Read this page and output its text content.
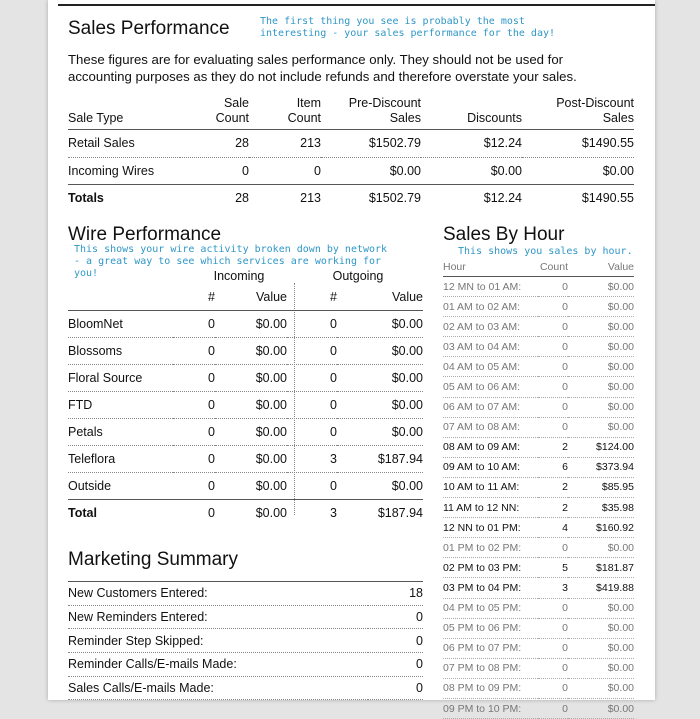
Sales Performance	The first thing you see is probably the most interesting - your sales performance for the day!
These figures are for evaluating sales performance only. They should not be used for accounting purposes as they do not include refunds and therefore overstate your sales.
Sale Type	Sale Count	Item Count	Pre-Discount Sales	Discounts	Post-Discount Sales
Retail Sales	28	213	$1502.79	$12.24	$1490.55
Incoming Wires	0	0	$0.00	$0.00	$0.00
Totals	28	213	$1502.79	$12.24	$1490.55
Wire Performance
This shows your wire activity broken down by network - a great way to see which services are working for you!	Incoming	Outgoing
	#	Value	#	Value
BloomNet	0	$0.00	0	$0.00
Blossoms	0	$0.00	0	$0.00
Floral Source	0	$0.00	0	$0.00
FTD	0	$0.00	0	$0.00
Petals	0	$0.00	0	$0.00
Teleflora	0	$0.00	3	$187.94
Outside	0	$0.00	0	$0.00
Total	0	$0.00	3	$187.94
Sales By Hour
This shows you sales by hour.
Hour	Count	Value
12 MN to 01 AM:	0	$0.00
01 AM to 02 AM:	0	$0.00
02 AM to 03 AM:	0	$0.00
03 AM to 04 AM:	0	$0.00
04 AM to 05 AM:	0	$0.00
05 AM to 06 AM:	0	$0.00
06 AM to 07 AM:	0	$0.00
07 AM to 08 AM:	0	$0.00
08 AM to 09 AM:	2	$124.00
09 AM to 10 AM:	6	$373.94
10 AM to 11 AM:	2	$85.95
11 AM to 12 NN:	2	$35.98
12 NN to 01 PM:	4	$160.92
01 PM to 02 PM:	0	$0.00
02 PM to 03 PM:	5	$181.87
03 PM to 04 PM:	3	$419.88
04 PM to 05 PM:	0	$0.00
05 PM to 06 PM:	0	$0.00
06 PM to 07 PM:	0	$0.00
07 PM to 08 PM:	0	$0.00
08 PM to 09 PM:	0	$0.00
09 PM to 10 PM:	0	$0.00
Marketing Summary
New Customers Entered:	18
New Reminders Entered:	0
Reminder Step Skipped:	0
Reminder Calls/E-mails Made:	0
Sales Calls/E-mails Made:	0
